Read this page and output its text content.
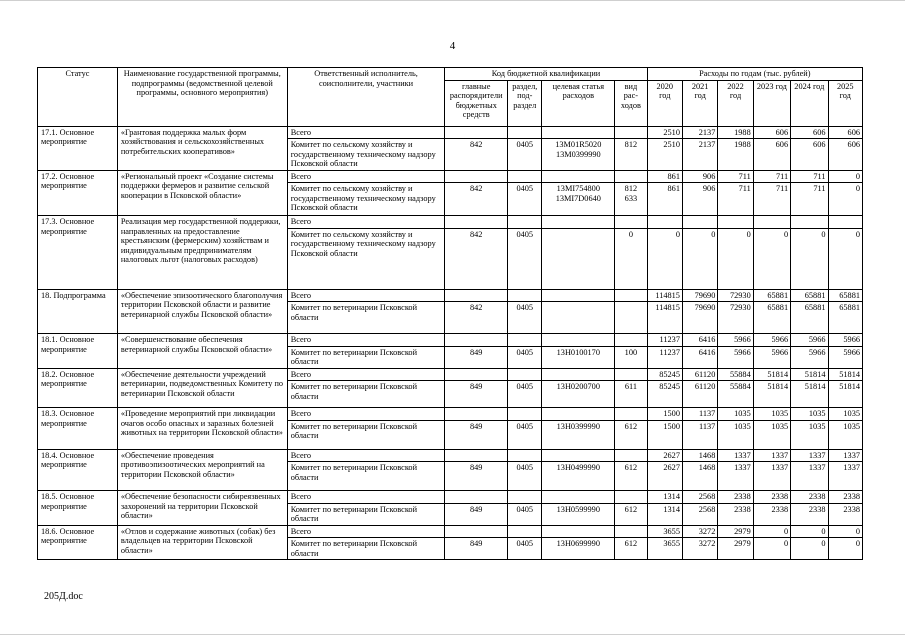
4
Статус	Наименование государственной программы, подпрограммы (ведомственной целевой программы, основного мероприятия)	Ответственный исполнитель, соисполнители, участники	Код бюджетной квалификации				Расходы по годам (тыс. рублей)					
			главные распорядители бюджетных средств	раздел, под-раздел	целевая статья расходов	вид рас-ходов	2020 год	2021 год	2022 год	2023 год	2024 год	2025 год
17.1. Основное мероприятие	«Грантовая поддержка малых форм хозяйствования и сельскохозяйственных потребительских кооперативов»	Всего					2510	2137	1988	606	606	606
		Комитет по сельскому хозяйству и государственному техническому надзору Псковской области	842	0405	13М01R5020 13М0399990	812	2510	2137	1988	606	606	606
17.2. Основное мероприятие	«Региональный проект «Создание системы поддержки фермеров и развитие сельской кооперации в Псковской области»	Всего					861	906	711	711	711	0
		Комитет по сельскому хозяйству и государственному техническому надзору Псковской области	842	0405	13МI754800 13МI7D0640	812 633	861	906	711	711	711	0
17.3. Основное мероприятие	Реализация мер государственной поддержки, направленных на предоставление крестьянским (фермерским) хозяйствам и индивидуальным предпринимателям налоговых льгот (налоговых расходов)	Всего										
		Комитет по сельскому хозяйству и государственному техническому надзору Псковской области	842	0405		0	0	0	0	0	0	0
18. Подпрограмма	«Обеспечение эпизоотического благополучия территории Псковской области и развитие ветеринарной службы Псковской области»	Всего					114815	79690	72930	65881	65881	65881
		Комитет по ветеринарии Псковской области	842	0405			114815	79690	72930	65881	65881	65881
18.1. Основное мероприятие	«Совершенствование обеспечения ветеринарной службы Псковской области»	Всего					11237	6416	5966	5966	5966	5966
		Комитет по ветеринарии Псковской области	849	0405	13Н0100170	100	11237	6416	5966	5966	5966	5966
18.2. Основное мероприятие	«Обеспечение деятельности учреждений ветеринарии, подведомственных Комитету по ветеринарии Псковской области	Всего					85245	61120	55884	51814	51814	51814
		Комитет по ветеринарии Псковской области	849	0405	13Н0200700	611	85245	61120	55884	51814	51814	51814
18.3. Основное мероприятие	«Проведение мероприятий при ликвидации очагов особо опасных и заразных болезней животных на территории Псковской области»	Всего					1500	1137	1035	1035	1035	1035
		Комитет по ветеринарии Псковской области	849	0405	13Н0399990	612	1500	1137	1035	1035	1035	1035
18.4. Основное мероприятие	«Обеспечение проведения противоэпизоотических мероприятий на территории Псковской области»	Всего					2627	1468	1337	1337	1337	1337
		Комитет по ветеринарии Псковской области	849	0405	13Н0499990	612	2627	1468	1337	1337	1337	1337
18.5. Основное мероприятие	«Обеспечение безопасности сибиреязвенных захоронений на территории Псковской области»	Всего					1314	2568	2338	2338	2338	2338
		Комитет по ветеринарии Псковской области	849	0405	13Н0599990	612	1314	2568	2338	2338	2338	2338
18.6. Основное мероприятие	«Отлов и содержание животных (собак) без владельцев на территории Псковской области»	Всего					3655	3272	2979	0	0	0
		Комитет по ветеринарии Псковской области	849	0405	13Н0699990	612	3655	3272	2979	0	0	0
205Д.doc
